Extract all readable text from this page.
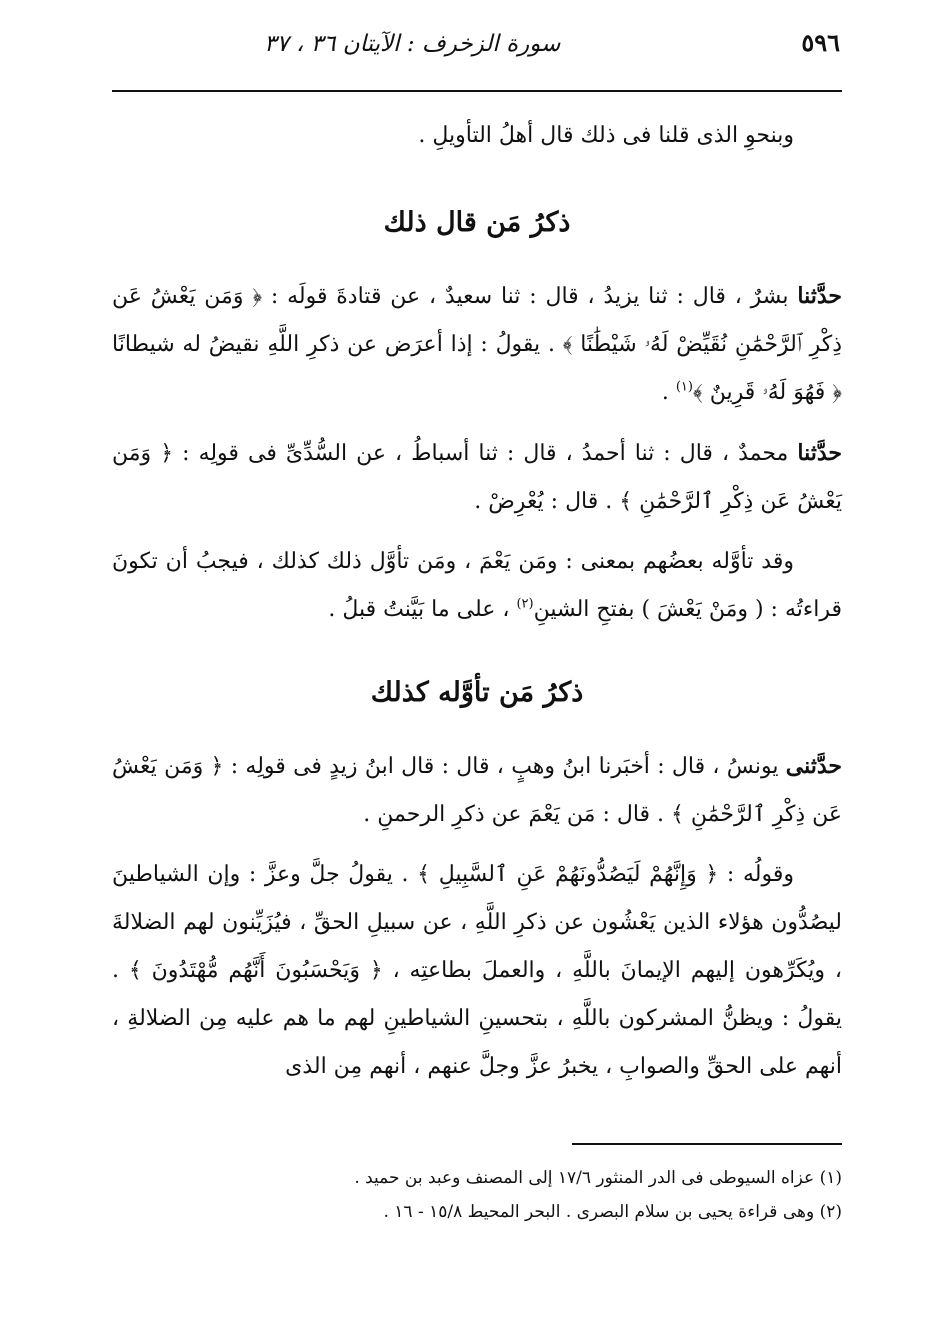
٥٩٦
سورة الزخرف : الآيتان ٣٦ ، ٣٧

وبنحوِ الذى قلنا فى ذلك قال أهلُ التأويلِ .

ذكرُ مَن قال ذلك

حدَّثنا بشرٌ ، قال : ثنا يزيدُ ، قال : ثنا سعيدٌ ، عن قتادةَ قولَه : ﴿ وَمَن يَعْشُ عَن ذِكْرِ ٱلرَّحْمَٰنِ نُقَيِّضْ لَهُۥ شَيْطَٰنًا ﴾ . يقولُ : إذا أعرَض عن ذكرِ اللَّهِ نقيضُ له شيطانًا ﴿ فَهُوَ لَهُۥ قَرِينٌ ﴾$^{(١)}$ .

حدَّثنا محمدٌ ، قال : ثنا أحمدُ ، قال : ثنا أسباطُ ، عن السُّدِّىِّ فى قولِه : ﴿ وَمَن يَعْشُ عَن ذِكْرِ ٱلرَّحْمَٰنِ ﴾ . قال : يُعْرِضْ .

وقد تأوَّله بعضُهم بمعنى : ومَن يَعْمَ ، ومَن تأوَّل ذلك كذلك ، فيجبُ أن تكونَ قراءتُه : ( ومَنْ يَعْشَ ) بفتحِ الشينِ$^{(٢)}$ ، على ما بَيَّنتُ قبلُ .

ذكرُ مَن تأوَّله كذلك

حدَّثنى يونسُ ، قال : أخبَرنا ابنُ وهبٍ ، قال : قال ابنُ زيدٍ فى قولِه : ﴿ وَمَن يَعْشُ عَن ذِكْرِ ٱلرَّحْمَٰنِ ﴾ . قال : مَن يَعْمَ عن ذكرِ الرحمنِ .

وقولُه : ﴿ وَإِنَّهُمْ لَيَصُدُّونَهُمْ عَنِ ٱلسَّبِيلِ ﴾ . يقولُ جلَّ وعزَّ : وإن الشياطينَ ليصُدُّون هؤلاء الذين يَعْشُون عن ذكرِ اللَّهِ ، عن سبيلِ الحقِّ ، فيُزَيِّنون لهم الضلالةَ ، ويُكَرِّهون إليهم الإيمانَ باللَّهِ ، والعملَ بطاعتِه ، ﴿ وَيَحْسَبُونَ أَنَّهُم مُّهْتَدُونَ ﴾ . يقولُ : ويظنُّ المشركون باللَّهِ ، بتحسينِ الشياطينِ لهم ما هم عليه مِن الضلالةِ ، أنهم على الحقِّ والصوابِ ، يخبرُ عزَّ وجلَّ عنهم ، أنهم مِن الذى

(١) عزاه السيوطى فى الدر المنثور ١٧/٦ إلى المصنف وعبد بن حميد .

(٢) وهى قراءة يحيى بن سلام البصرى . البحر المحيط ١٥/٨ - ١٦ .
